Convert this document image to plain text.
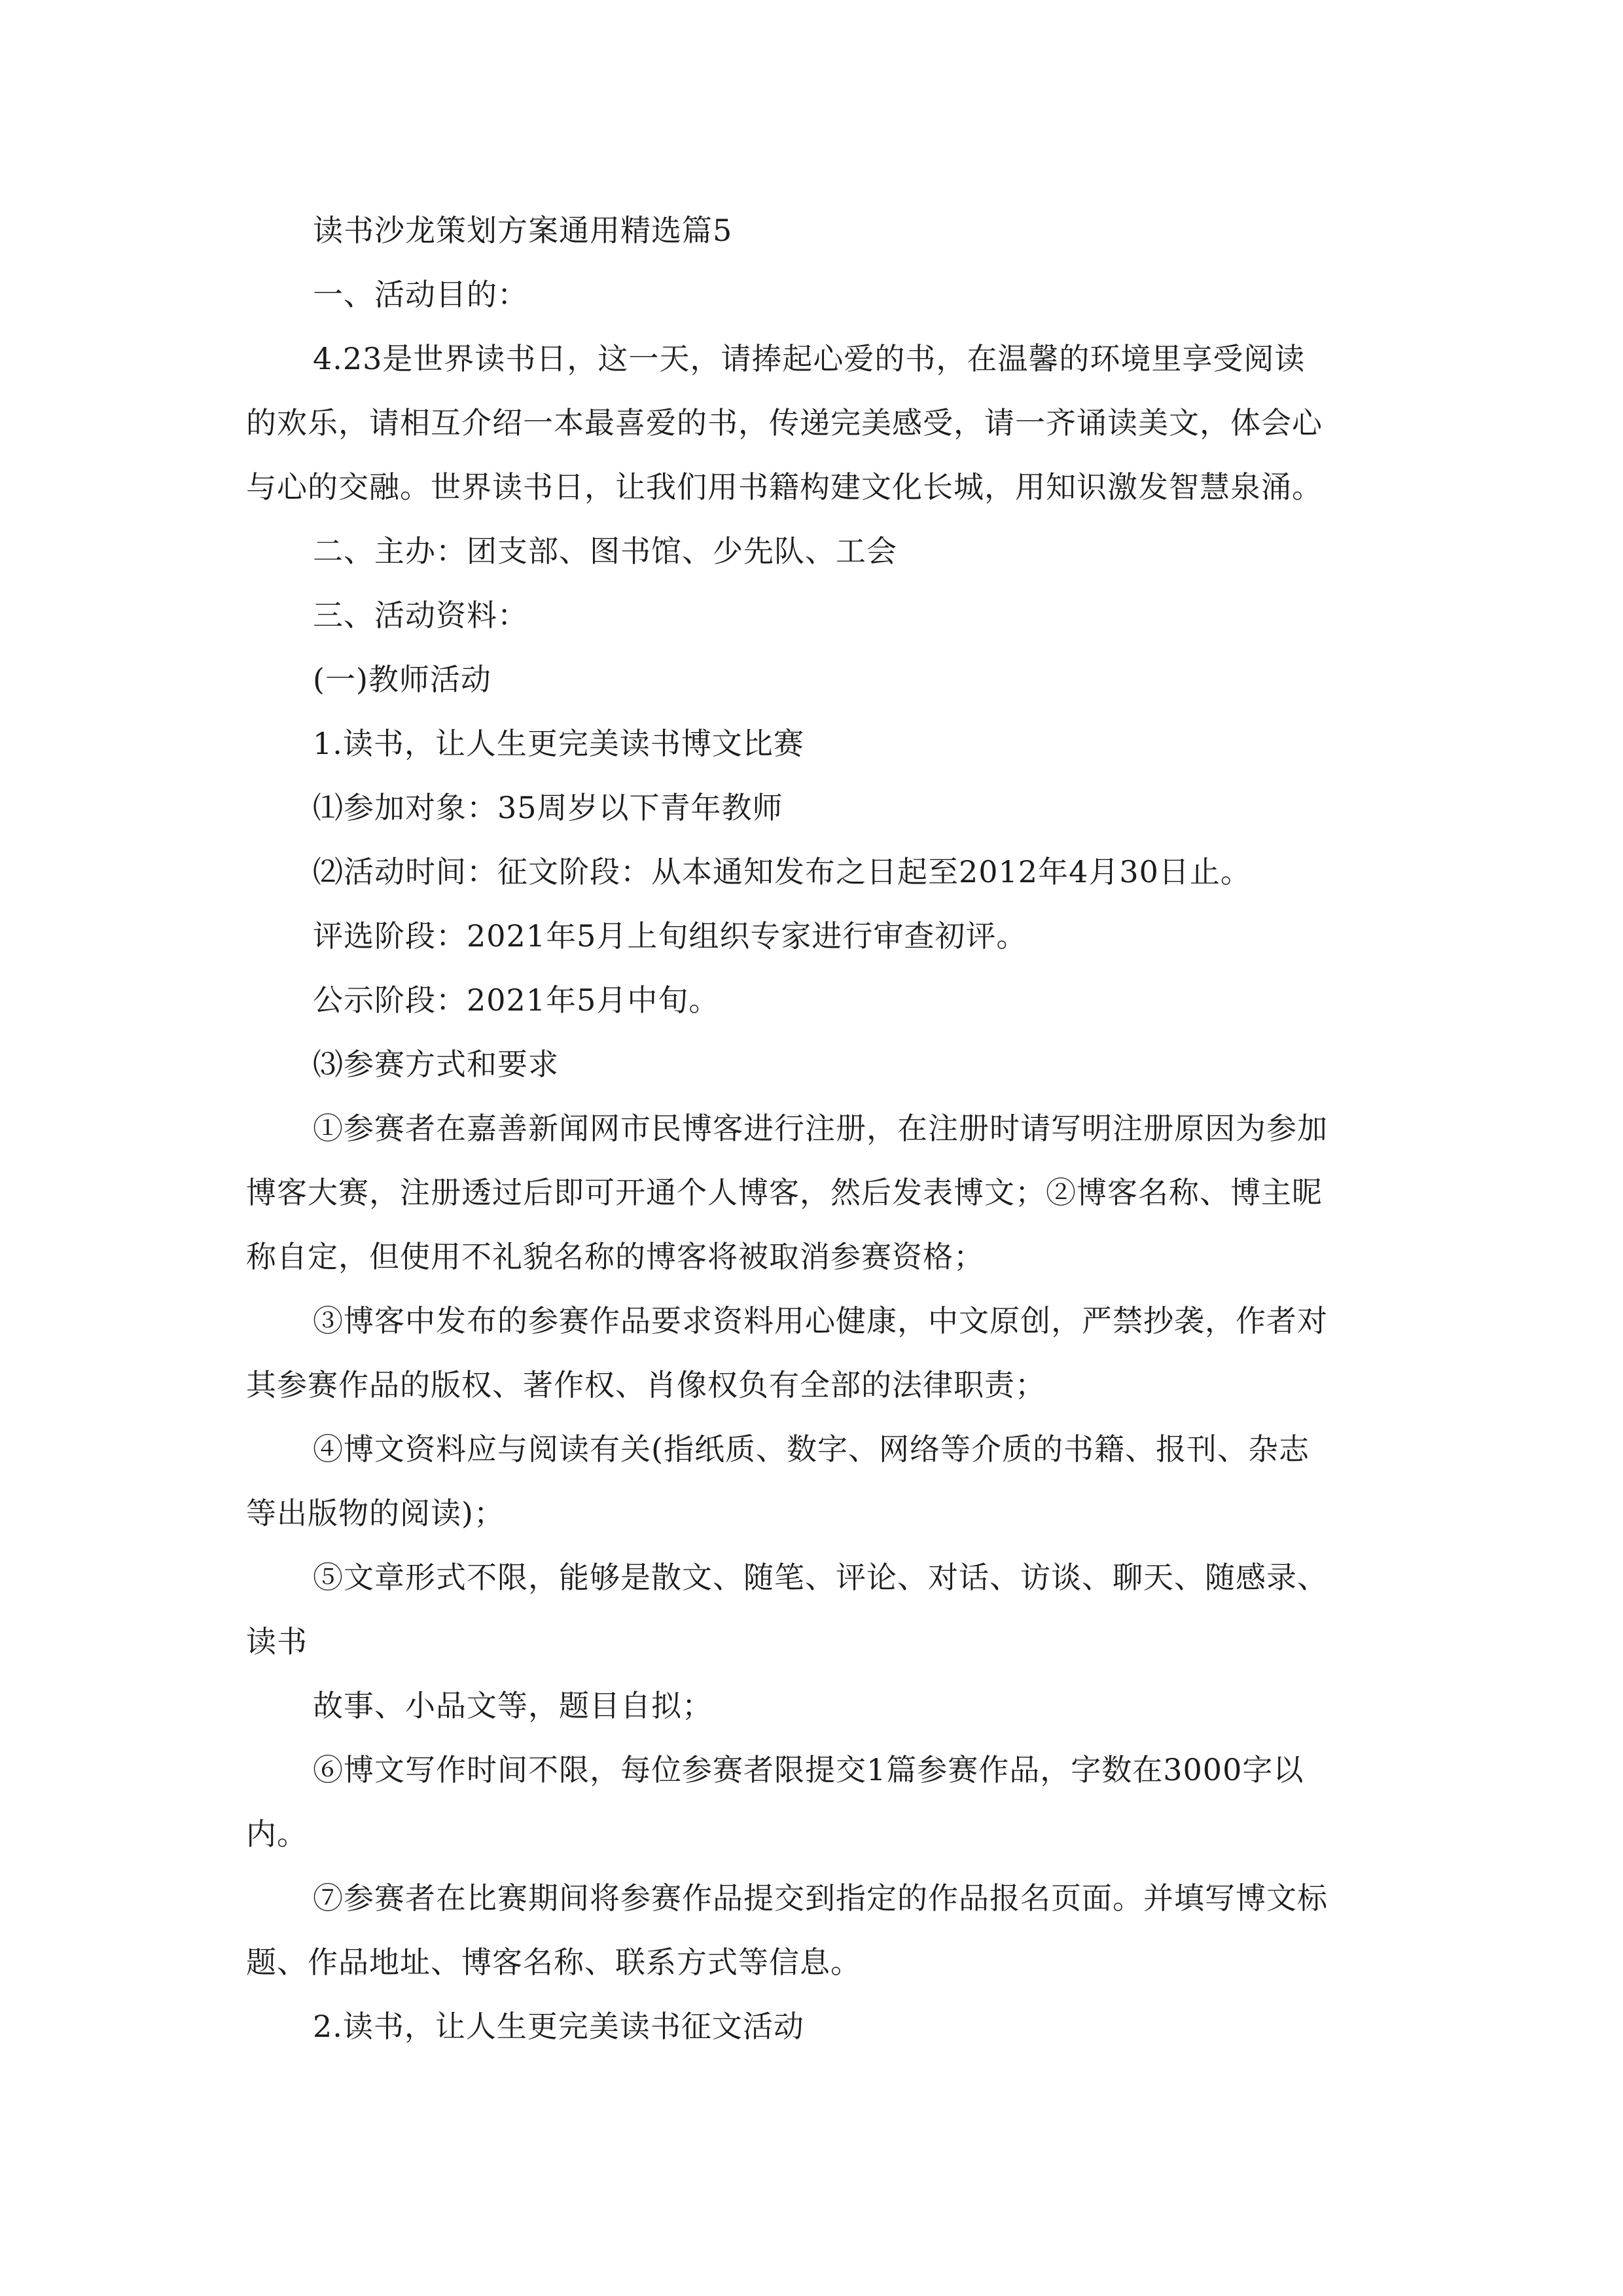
读书沙龙策划方案通用精选篇5
一、活动目的：
4.23是世界读书日，这一天，请捧起心爱的书，在温馨的环境里享受阅读
的欢乐，请相互介绍一本最喜爱的书，传递完美感受，请一齐诵读美文，体会心
与心的交融。世界读书日，让我们用书籍构建文化长城，用知识激发智慧泉涌。
二、主办：团支部、图书馆、少先队、工会
三、活动资料：
(一)教师活动
1.读书，让人生更完美读书博文比赛
⑴参加对象：35周岁以下青年教师
⑵活动时间：征文阶段：从本通知发布之日起至2012年4月30日止。
评选阶段：2021年5月上旬组织专家进行审查初评。
公示阶段：2021年5月中旬。
⑶参赛方式和要求
①参赛者在嘉善新闻网市民博客进行注册，在注册时请写明注册原因为参加
博客大赛，注册透过后即可开通个人博客，然后发表博文；②博客名称、博主昵
称自定，但使用不礼貌名称的博客将被取消参赛资格；
③博客中发布的参赛作品要求资料用心健康，中文原创，严禁抄袭，作者对
其参赛作品的版权、著作权、肖像权负有全部的法律职责；
④博文资料应与阅读有关(指纸质、数字、网络等介质的书籍、报刊、杂志
等出版物的阅读)；
⑤文章形式不限，能够是散文、随笔、评论、对话、访谈、聊天、随感录、
读书
故事、小品文等，题目自拟；
⑥博文写作时间不限，每位参赛者限提交1篇参赛作品，字数在3000字以
内。
⑦参赛者在比赛期间将参赛作品提交到指定的作品报名页面。并填写博文标
题、作品地址、博客名称、联系方式等信息。
2.读书，让人生更完美读书征文活动
